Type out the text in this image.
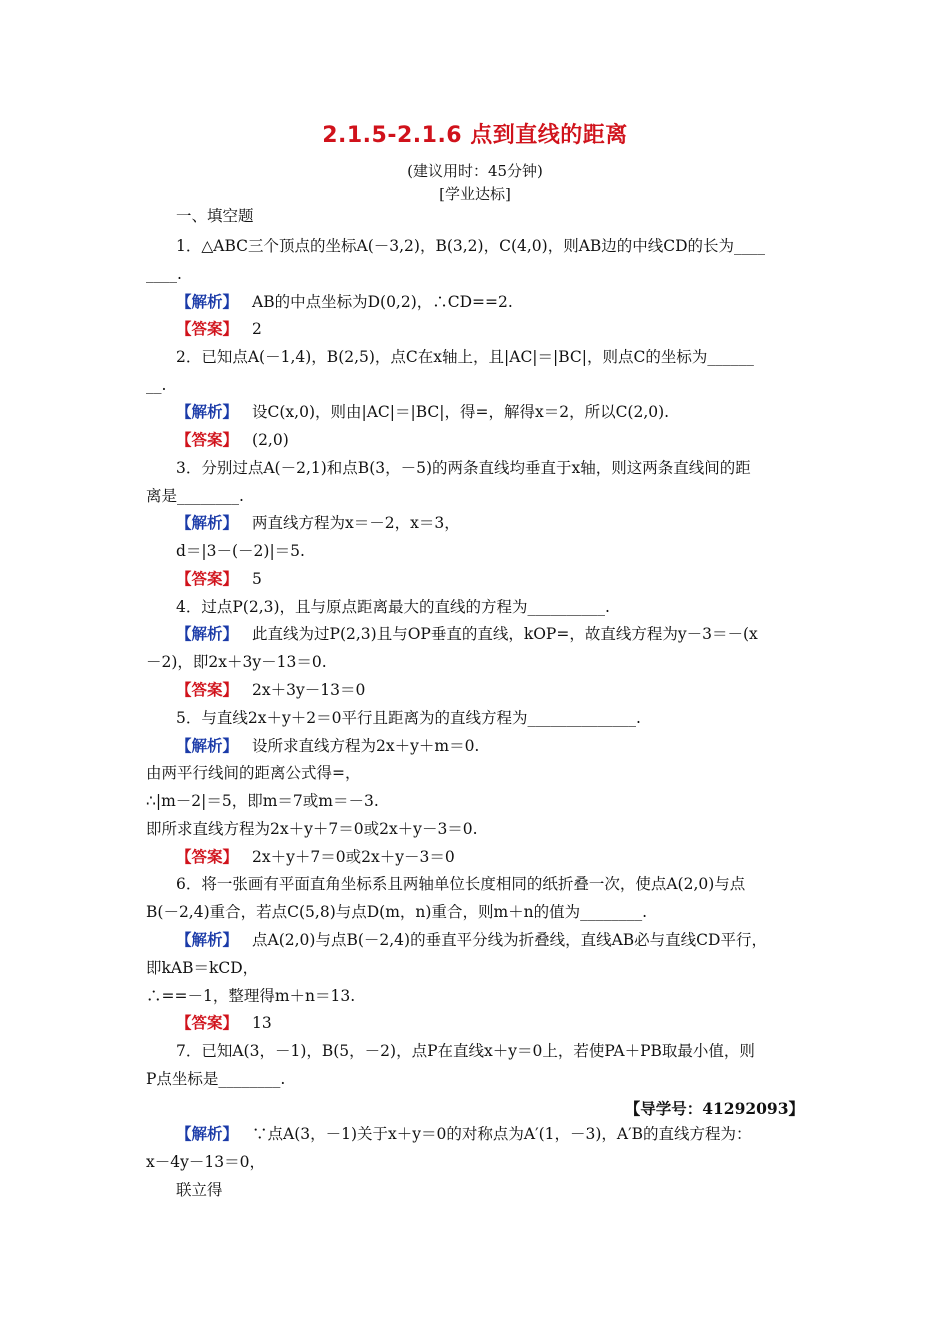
2.1.5-2.1.6 点到直线的距离
(建议用时：45分钟)
[学业达标]
一、填空题
1．△ABC三个顶点的坐标A(－3,2)，B(3,2)，C(4,0)，则AB边的中线CD的长为____
____.
【解析】 AB的中点坐标为D(0,2)，∴CD==2.
【答案】 2
2．已知点A(－1,4)，B(2,5)，点C在x轴上，且|AC|＝|BC|，则点C的坐标为______
__.
【解析】 设C(x,0)，则由|AC|＝|BC|，得=，解得x＝2，所以C(2,0).
【答案】 (2,0)
3．分别过点A(－2,1)和点B(3，－5)的两条直线均垂直于x轴，则这两条直线间的距
离是________.
【解析】 两直线方程为x＝－2，x＝3，
d＝|3－(－2)|＝5.
【答案】 5
4．过点P(2,3)，且与原点距离最大的直线的方程为__________.
【解析】 此直线为过P(2,3)且与OP垂直的直线，kOP=，故直线方程为y－3＝－(x
－2)，即2x＋3y－13＝0.
【答案】 2x＋3y－13＝0
5．与直线2x＋y＋2＝0平行且距离为的直线方程为______________.
【解析】 设所求直线方程为2x＋y＋m＝0.
由两平行线间的距离公式得=，
∴|m－2|＝5，即m＝7或m＝－3.
即所求直线方程为2x＋y＋7＝0或2x＋y－3＝0.
【答案】 2x＋y＋7＝0或2x＋y－3＝0
6．将一张画有平面直角坐标系且两轴单位长度相同的纸折叠一次，使点A(2,0)与点
B(－2,4)重合，若点C(5,8)与点D(m，n)重合，则m＋n的值为________.
【解析】 点A(2,0)与点B(－2,4)的垂直平分线为折叠线，直线AB必与直线CD平行，
即kAB＝kCD，
∴==－1，整理得m＋n＝13.
【答案】 13
7．已知A(3，－1)，B(5，－2)，点P在直线x＋y＝0上，若使PA＋PB取最小值，则
P点坐标是________.
【导学号：41292093】
【解析】 ∵点A(3，－1)关于x＋y＝0的对称点为A′(1，－3)，A′B的直线方程为：
x－4y－13＝0，
联立得
